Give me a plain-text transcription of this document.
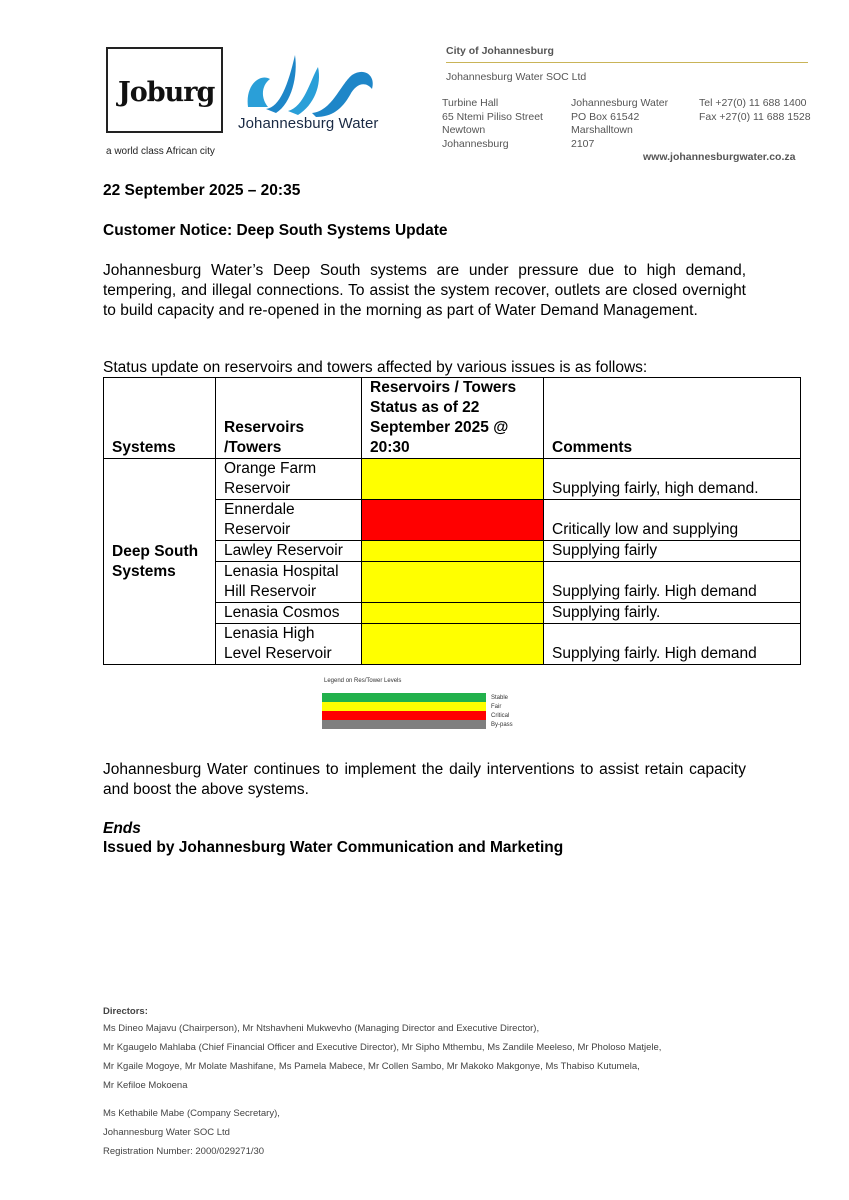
Joburg
a world class African city
Johannesburg Water
City of Johannesburg
Johannesburg Water SOC Ltd
Turbine Hall
65 Ntemi Piliso Street
Newtown
Johannesburg
Johannesburg Water
PO Box 61542
Marshalltown
2107
Tel +27(0) 11 688 1400
Fax +27(0) 11 688 1528
www.johannesburgwater.co.za
22 September 2025 – 20:35
Customer Notice: Deep South Systems Update
Johannesburg Water’s Deep South systems are under pressure due to high demand, tempering, and illegal connections. To assist the system recover, outlets are closed overnight to build capacity and re-opened in the morning as part of Water Demand Management.
Status update on reservoirs and towers affected by various issues is as follows:
Systems	Reservoirs /Towers	Reservoirs / Towers Status as of 22 September 2025 @ 20:30	Comments
Deep South Systems	Orange Farm Reservoir		Supplying fairly, high demand.
	Ennerdale Reservoir		Critically low and supplying
	Lawley Reservoir		Supplying fairly
	Lenasia Hospital Hill Reservoir		Supplying fairly. High demand
	Lenasia Cosmos		Supplying fairly.
	Lenasia High Level Reservoir		Supplying fairly. High demand
Legend on Res/Tower Levels
Stable
Fair
Critical
By-pass
Johannesburg Water continues to implement the daily interventions to assist retain capacity and boost the above systems.
Ends
Issued by Johannesburg Water Communication and Marketing
Directors:
Ms Dineo Majavu (Chairperson), Mr Ntshavheni Mukwevho (Managing Director and Executive Director),
Mr Kgaugelo Mahlaba (Chief Financial Officer and Executive Director), Mr Sipho Mthembu, Ms Zandile Meeleso, Mr Pholoso Matjele,
Mr Kgaile Mogoye, Mr Molate Mashifane, Ms Pamela Mabece, Mr Collen Sambo, Mr Makoko Makgonye, Ms Thabiso Kutumela,
Mr Kefiloe Mokoena
Ms Kethabile Mabe (Company Secretary),
Johannesburg Water SOC Ltd
Registration Number: 2000/029271/30
